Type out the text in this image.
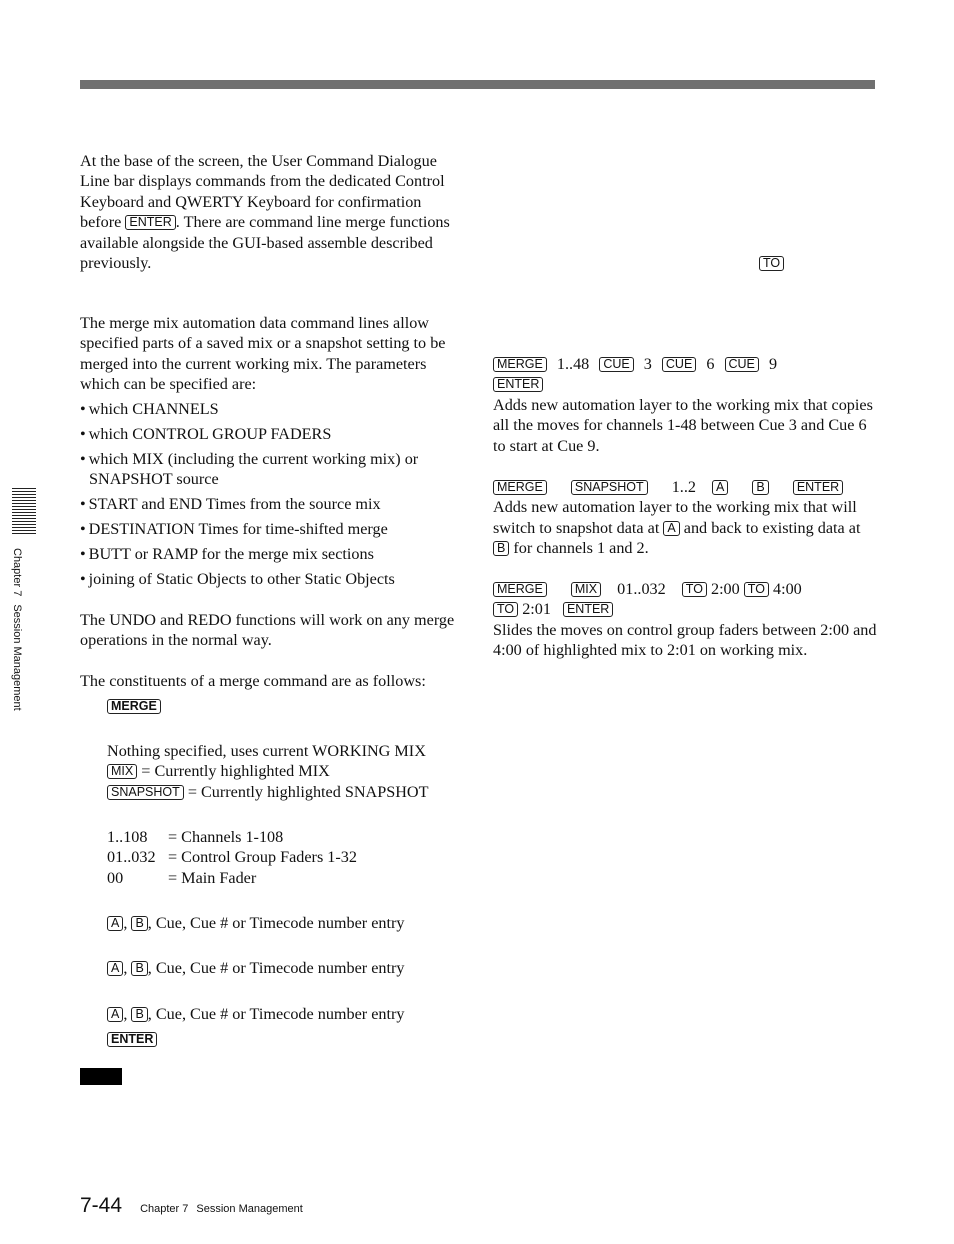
At the base of the screen, the User Command Dialogue Line bar displays commands from the dedicated Control Keyboard and QWERTY Keyboard for confirmation before ENTER . There are command line merge functions available alongside the GUI-based assemble described previously.

The merge mix automation data command lines allow specified parts of a saved mix or a snapshot setting to be merged into the current working mix. The parameters which can be specified are:

• which CHANNELS

• which CONTROL GROUP FADERS

• which MIX (including the current working mix) or SNAPSHOT source

• START and END Times from the source mix

• DESTINATION Times for time-shifted merge

• BUTT or RAMP for the merge mix sections

• joining of Static Objects to other Static Objects

The UNDO and REDO functions will work on any merge operations in the normal way.

The constituents of a merge command are as follows:

MERGE

Nothing specified, uses current WORKING MIX

MIX = Currently highlighted MIX

SNAPSHOT = Currently highlighted SNAPSHOT

1..108 = Channels 1-108

01..032 = Control Group Faders 1-32

00	= Main Fader

A , B , Cue, Cue # or Timecode number entry

A , B , Cue, Cue # or Timecode number entry

A , B , Cue, Cue # or Timecode number entry

ENTER

TO

MERGE 1..48 CUE 3 CUE 6 CUE 9

ENTER

Adds new automation layer to the working mix that copies all the moves for channels 1-48 between Cue 3 and Cue 6 to start at Cue 9.

MERGE	SNAPSHOT 1..2 A	B	ENTER

Adds new automation layer to the working mix that will switch to snapshot data at A and back to existing data at B for channels 1 and 2.

MERGE	MIX 01..032 TO 2:00 TO 4:00

TO 2:01 ENTER

Slides the moves on control group faders between 2:00 and 4:00 of highlighted mix to 2:01 on working mix.

Chapter 7Session Management
7-44 Chapter 7 Session Management
